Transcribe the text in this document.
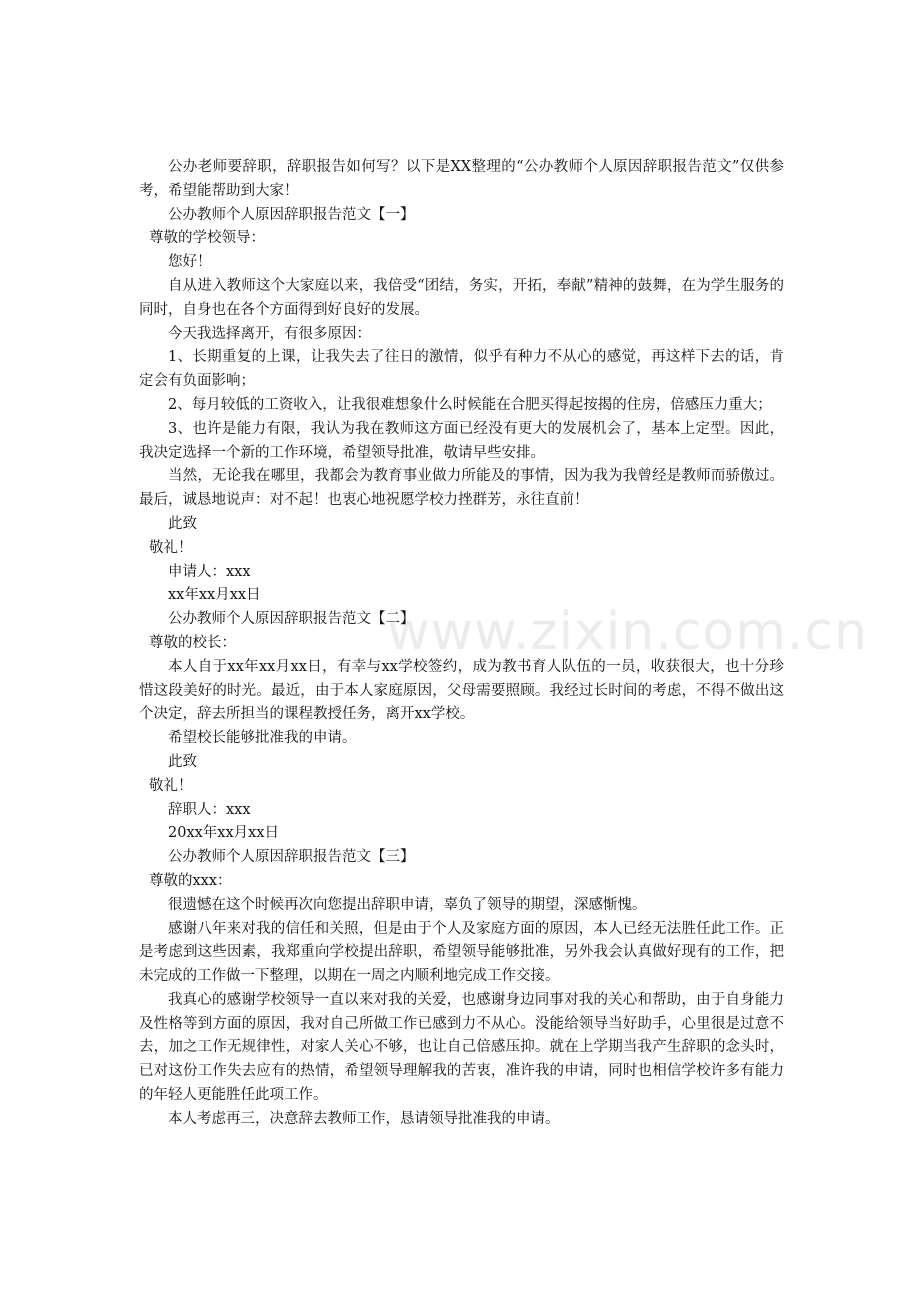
www.zixin.com.cn

公办老师要辞职，辞职报告如何写？以下是XX整理的“公办教师个人原因辞职报告范文”仅供参考，希望能帮助到大家！

公办教师个人原因辞职报告范文【一】

尊敬的学校领导：

您好！

自从进入教师这个大家庭以来，我倍受“团结，务实，开拓，奉献”精神的鼓舞，在为学生服务的同时，自身也在各个方面得到好良好的发展。

今天我选择离开，有很多原因：

1、长期重复的上课，让我失去了往日的激情，似乎有种力不从心的感觉，再这样下去的话，肯定会有负面影响；

2、每月较低的工资收入，让我很难想象什么时候能在合肥买得起按揭的住房，倍感压力重大；

3、也许是能力有限，我认为我在教师这方面已经没有更大的发展机会了，基本上定型。因此，我决定选择一个新的工作环境，希望领导批准，敬请早些安排。

当然，无论我在哪里，我都会为教育事业做力所能及的事情，因为我为我曾经是教师而骄傲过。最后，诚恳地说声：对不起！也衷心地祝愿学校力挫群芳，永往直前！

此致

敬礼！

申请人：xxx

xx年xx月xx日

公办教师个人原因辞职报告范文【二】

尊敬的校长：

本人自于xx年xx月xx日，有幸与xx学校签约，成为教书育人队伍的一员，收获很大，也十分珍惜这段美好的时光。最近，由于本人家庭原因，父母需要照顾。我经过长时间的考虑，不得不做出这个决定，辞去所担当的课程教授任务，离开xx学校。

希望校长能够批准我的申请。

此致

敬礼！

辞职人：xxx

20xx年xx月xx日

公办教师个人原因辞职报告范文【三】

尊敬的xxx：

很遗憾在这个时候再次向您提出辞职申请，辜负了领导的期望，深感惭愧。

感谢八年来对我的信任和关照，但是由于个人及家庭方面的原因，本人已经无法胜任此工作。正是考虑到这些因素，我郑重向学校提出辞职，希望领导能够批准，另外我会认真做好现有的工作，把未完成的工作做一下整理，以期在一周之内顺利地完成工作交接。

我真心的感谢学校领导一直以来对我的关爱，也感谢身边同事对我的关心和帮助，由于自身能力及性格等到方面的原因，我对自己所做工作已感到力不从心。没能给领导当好助手，心里很是过意不去，加之工作无规律性，对家人关心不够，也让自己倍感压抑。就在上学期当我产生辞职的念头时，已对这份工作失去应有的热情，希望领导理解我的苦衷，准许我的申请，同时也相信学校许多有能力的年轻人更能胜任此项工作。

本人考虑再三，决意辞去教师工作，恳请领导批准我的申请。
